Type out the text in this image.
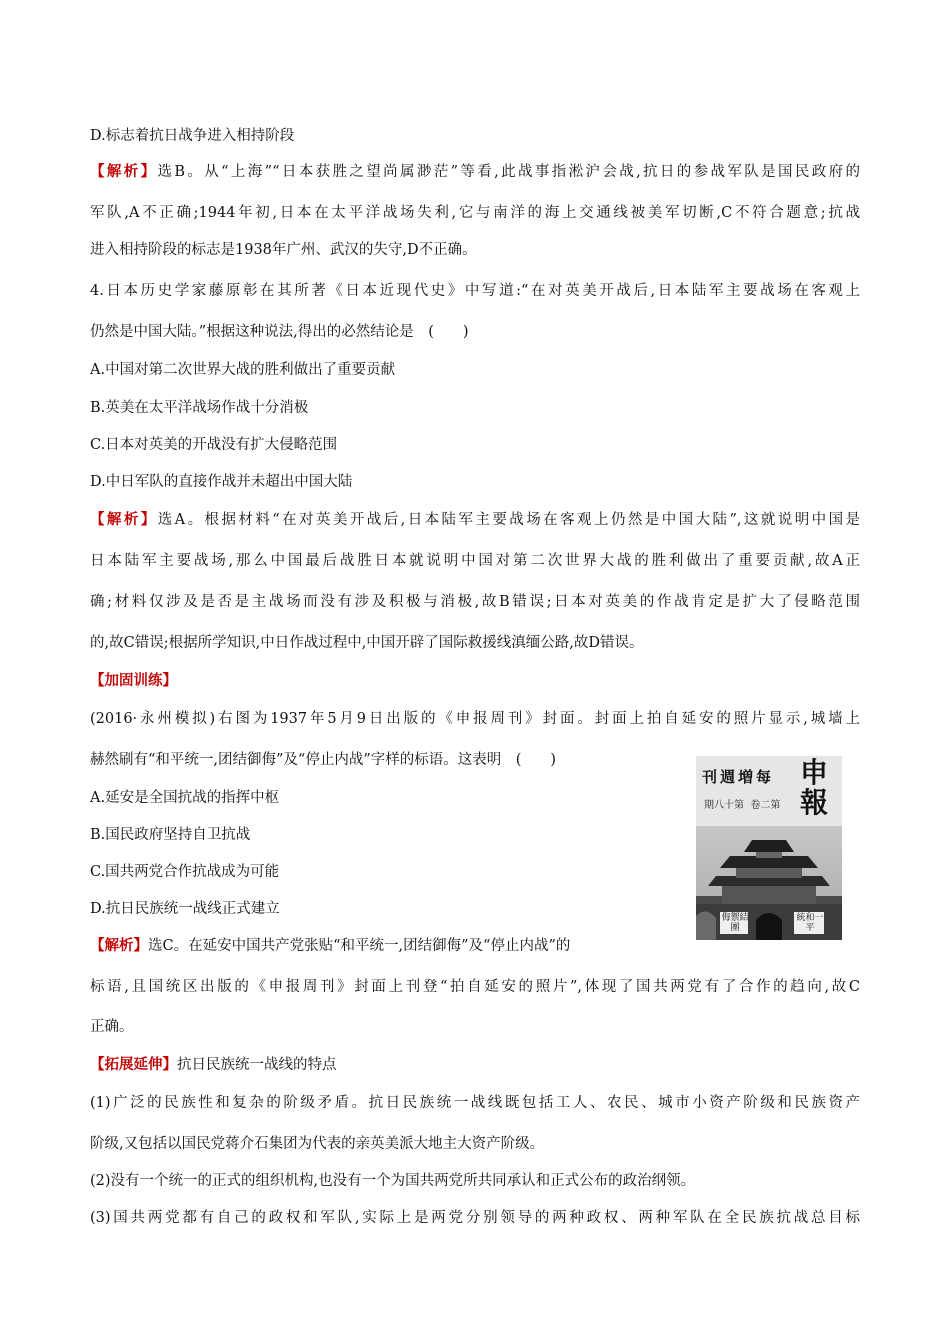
D.标志着抗日战争进入相持阶段
【解析】选B。从“上海”“日本获胜之望尚属渺茫”等看,此战事指淞沪会战,抗日的参战军队是国民政府的
军队,A不正确;1944年初,日本在太平洋战场失利,它与南洋的海上交通线被美军切断,C不符合题意;抗战
进入相持阶段的标志是1938年广州、武汉的失守,D不正确。
4.日本历史学家藤原彰在其所著《日本近现代史》中写道:“在对英美开战后,日本陆军主要战场在客观上
仍然是中国大陆。”根据这种说法,得出的必然结论是　(　　)
A.中国对第二次世界大战的胜利做出了重要贡献
B.英美在太平洋战场作战十分消极
C.日本对英美的开战没有扩大侵略范围
D.中日军队的直接作战并未超出中国大陆
【解析】选A。根据材料“在对英美开战后,日本陆军主要战场在客观上仍然是中国大陆”,这就说明中国是
日本陆军主要战场,那么中国最后战胜日本就说明中国对第二次世界大战的胜利做出了重要贡献,故A正
确;材料仅涉及是否是主战场而没有涉及积极与消极,故B错误;日本对英美的作战肯定是扩大了侵略范围
的,故C错误;根据所学知识,中日作战过程中,中国开辟了国际救援线滇缅公路,故D错误。
【加固训练】
(2016·永州模拟)右图为1937年5月9日出版的《申报周刊》封面。封面上拍自延安的照片显示,城墙上
赫然刷有“和平统一,团结御侮”及“停止内战”字样的标语。这表明　(　　)
A.延安是全国抗战的指挥中枢
B.国民政府坚持自卫抗战
C.国共两党合作抗战成为可能
D.抗日民族统一战线正式建立
【解析】选C。在延安中国共产党张贴“和平统一,团结御侮”及“停止内战”的
标语,且国统区出版的《申报周刊》封面上刊登“拍自延安的照片”,体现了国共两党有了合作的趋向,故C
正确。
【拓展延伸】抗日民族统一战线的特点
(1)广泛的民族性和复杂的阶级矛盾。抗日民族统一战线既包括工人、农民、城市小资产阶级和民族资产
阶级,又包括以国民党蒋介石集团为代表的亲英美派大地主大资产阶级。
(2)没有一个统一的正式的组织机构,也没有一个为国共两党所共同承认和正式公布的政治纲领。
(3)国共两党都有自己的政权和军队,实际上是两党分别领导的两种政权、两种军队在全民族抗战总目标
刊週増每 申報
期八十第  卷二第
侮禦結團
統和一平
